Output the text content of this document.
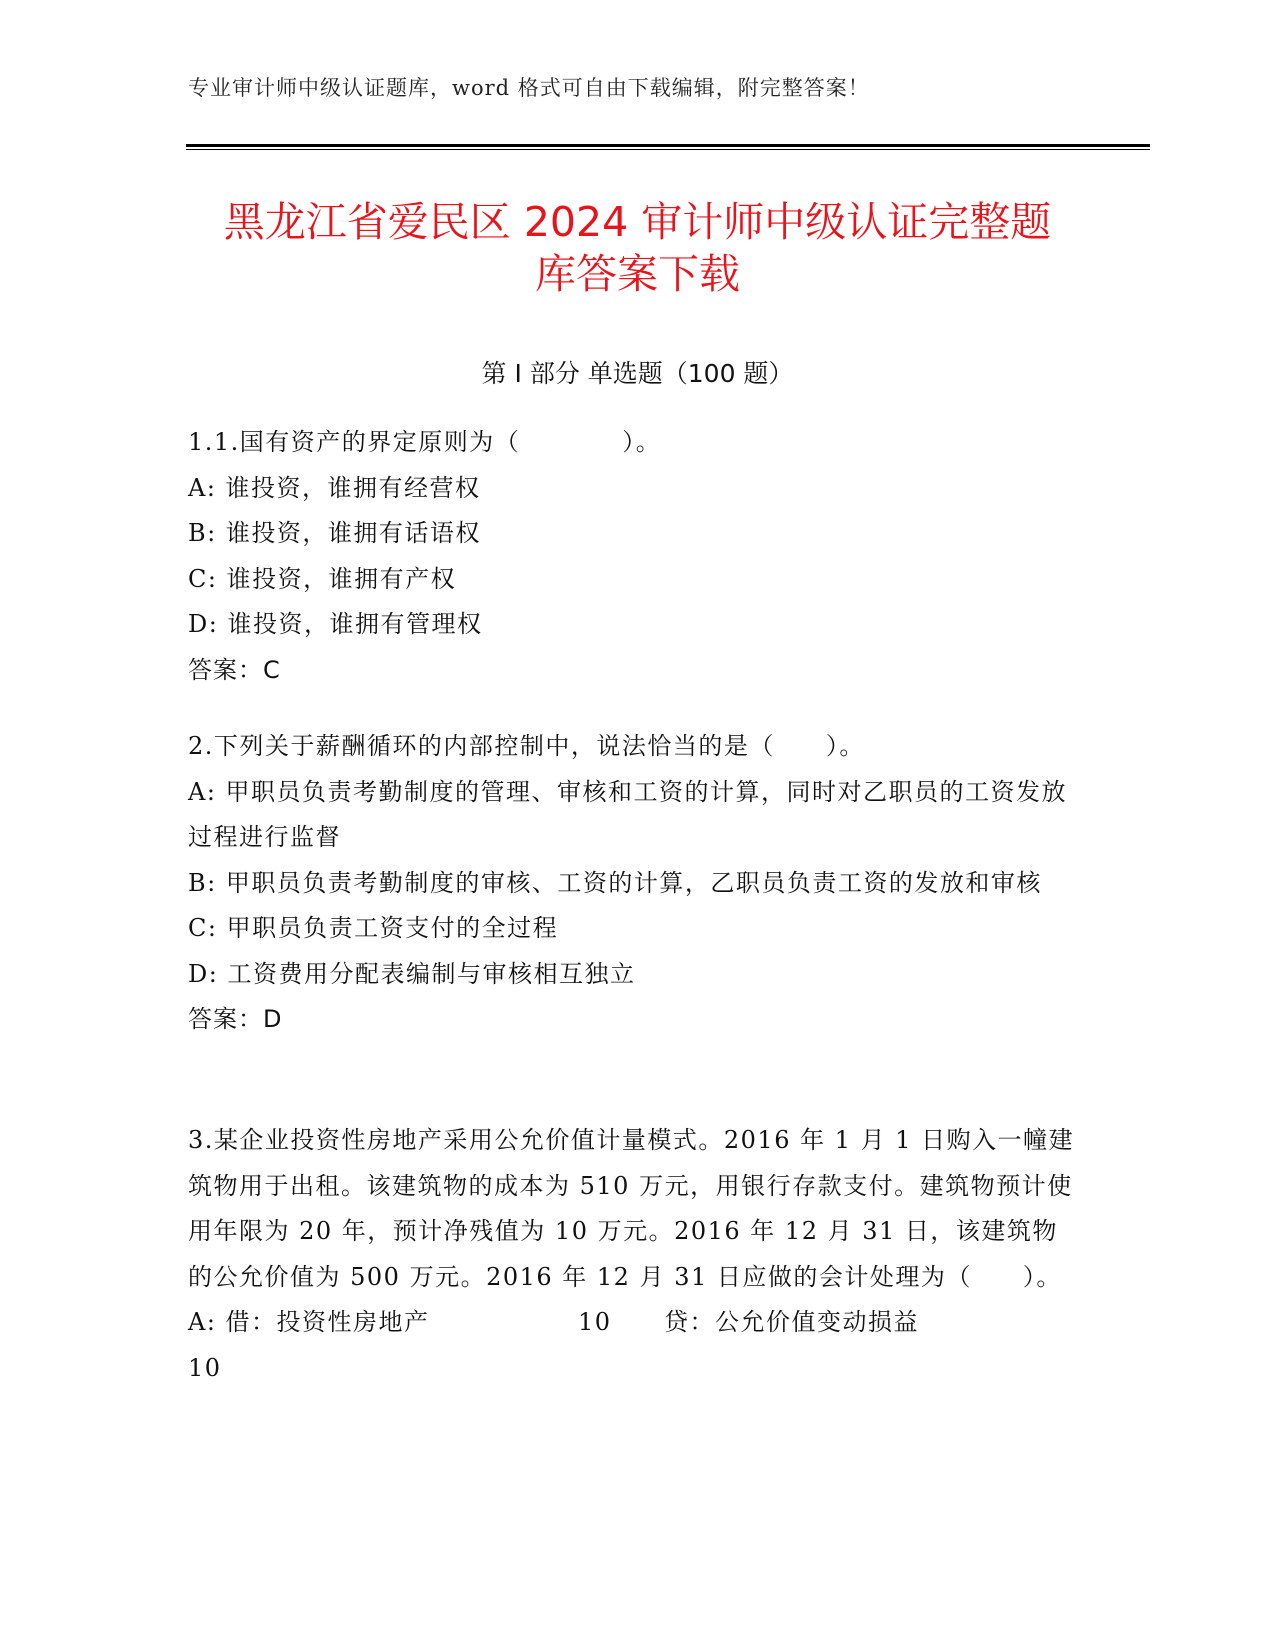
专业审计师中级认证题库，word 格式可自由下载编辑，附完整答案！
黑龙江省爱民区 2024 审计师中级认证完整题
库答案下载
第 I 部分 单选题（100 题）

1.1.国有资产的界定原则为（　　　　）。

A: 谁投资，谁拥有经营权

B: 谁投资，谁拥有话语权

C: 谁投资，谁拥有产权

D: 谁投资，谁拥有管理权

答案：C

2.下列关于薪酬循环的内部控制中，说法恰当的是（　　）。

A: 甲职员负责考勤制度的管理、审核和工资的计算，同时对乙职员的工资发放过程进行监督

B: 甲职员负责考勤制度的审核、工资的计算，乙职员负责工资的发放和审核

C: 甲职员负责工资支付的全过程

D: 工资费用分配表编制与审核相互独立

答案：D

3.某企业投资性房地产采用公允价值计量模式。2016 年 1 月 1 日购入一幢建筑物用于出租。该建筑物的成本为 510 万元，用银行存款支付。建筑物预计使用年限为 20 年，预计净残值为 10 万元。2016 年 12 月 31 日，该建筑物的公允价值为 500 万元。2016 年 12 月 31 日应做的会计处理为（　　）。

A: 借：投资性房地产	10	贷：公允价值变动损益

10
